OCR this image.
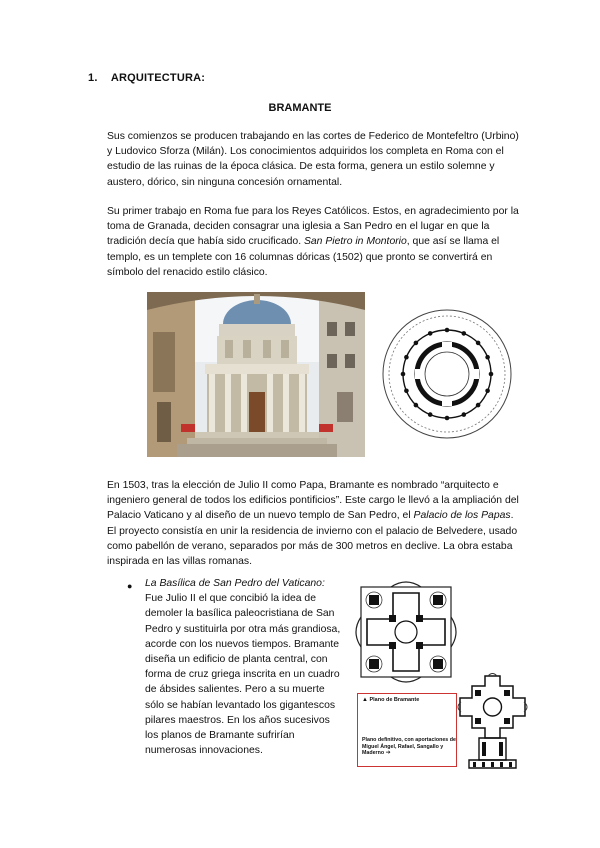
1. ARQUITECTURA:
BRAMANTE

Sus comienzos se producen trabajando en las cortes de Federico de Montefeltro (Urbino) y Ludovico Sforza (Milán). Los conocimientos adquiridos los completa en Roma con el estudio de las ruinas de la época clásica. De esta forma, genera un estilo solemne y austero, dórico, sin ninguna concesión ornamental.

Su primer trabajo en Roma fue para los Reyes Católicos. Estos, en agradecimiento por la toma de Granada, deciden consagrar una iglesia a San Pedro en el lugar en que la tradición decía que había sido crucificado. San Pietro in Montorio, que así se llama el templo, es un templete con 16 columnas dóricas (1502) que pronto se convertirá en símbolo del renacido estilo clásico.

En 1503, tras la elección de Julio II como Papa, Bramante es nombrado “arquitecto e ingeniero general de todos los edificios pontificios”. Este cargo le llevó a la ampliación del Palacio Vaticano y al diseño de un nuevo templo de San Pedro, el Palacio de los Papas. El proyecto consistía en unir la residencia de invierno con el palacio de Belvedere, usado como pabellón de verano, separados por más de 300 metros en declive. La obra estaba inspirada en las villas romanas.

● La Basílica de San Pedro del Vaticano:
Fue Julio II el que concibió la idea de demoler la basílica paleocristiana de San Pedro y sustituirla por otra más grandiosa, acorde con los nuevos tiempos. Bramante diseña un edificio de planta central, con forma de cruz griega inscrita en un cuadro de ábsides salientes. Pero a su muerte sólo se habían levantado los gigantescos pilares maestros. En los años sucesivos los planos de Bramante sufrirían numerosas innovaciones.

▲ Plano de Bramante
Plano definitivo, con aportaciones de Miguel Ángel, Rafael, Sangallo y Maderno ➔
